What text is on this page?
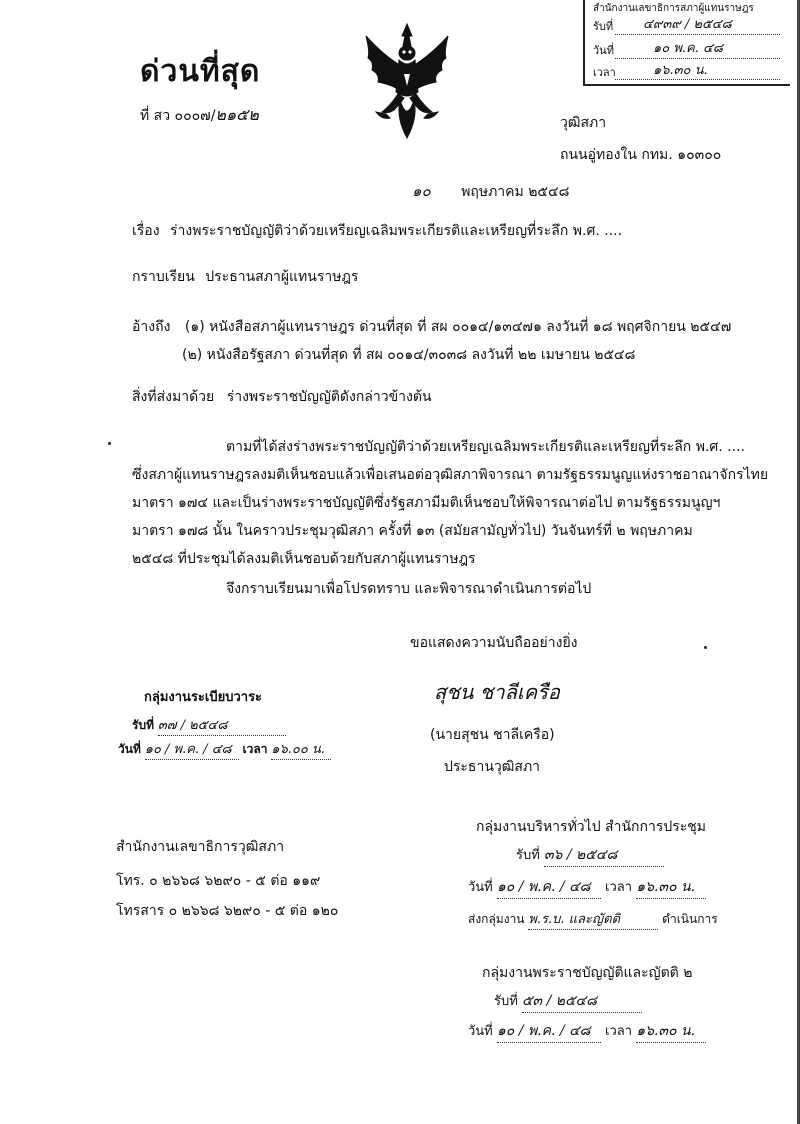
สำนักงานเลขาธิการสภาผู้แทนราษฎร
รับที่ ๔๙๓๙ / ๒๕๔๘
วันที่	๑๐ พ.ค. ๔๘
เวลา	๑๖.๓๐ น.
ด่วนที่สุด
ที่ สว ๐๐๐๗/๒๑๕๒	วุฒิสภา
ถนนอู่ทองใน กทม. ๑๐๓๐๐
๑๐ พฤษภาคม ๒๕๔๘
เรื่อง ร่างพระราชบัญญัติว่าด้วยเหรียญเฉลิมพระเกียรติและเหรียญที่ระลึก พ.ศ. ....
กราบเรียน ประธานสภาผู้แทนราษฎร
อ้างถึง (๑) หนังสือสภาผู้แทนราษฎร ด่วนที่สุด ที่ สผ ๐๐๑๔/๑๓๔๗๑ ลงวันที่ ๑๘ พฤศจิกายน ๒๕๔๗
(๒) หนังสือรัฐสภา ด่วนที่สุด ที่ สผ ๐๐๑๔/๓๐๓๘ ลงวันที่ ๒๒ เมษายน ๒๕๔๘
สิ่งที่ส่งมาด้วย ร่างพระราชบัญญัติดังกล่าวข้างต้น
ตามที่ได้ส่งร่างพระราชบัญญัติว่าด้วยเหรียญเฉลิมพระเกียรติและเหรียญที่ระลึก พ.ศ. ....
ซึ่งสภาผู้แทนราษฎรลงมติเห็นชอบแล้วเพื่อเสนอต่อวุฒิสภาพิจารณา ตามรัฐธรรมนูญแห่งราชอาณาจักรไทย
มาตรา ๑๗๔ และเป็นร่างพระราชบัญญัติซึ่งรัฐสภามีมติเห็นชอบให้พิจารณาต่อไป ตามรัฐธรรมนูญฯ
มาตรา ๑๗๘ นั้น ในคราวประชุมวุฒิสภา ครั้งที่ ๑๓ (สมัยสามัญทั่วไป) วันจันทร์ที่ ๒ พฤษภาคม
๒๕๔๘ ที่ประชุมได้ลงมติเห็นชอบด้วยกับสภาผู้แทนราษฎร
จึงกราบเรียนมาเพื่อโปรดทราบ และพิจารณาดำเนินการต่อไป
ขอแสดงความนับถืออย่างยิ่ง
สุชน ชาลีเครือ
(นายสุชน ชาลีเครือ)
ประธานวุฒิสภา
กลุ่มงานระเบียบวาระ
รับที่ ๓๗ / ๒๕๔๘
วันที่ ๑๐ / พ.ค. / ๔๘ เวลา ๑๖.๐๐ น.
สำนักงานเลขาธิการวุฒิสภา
โทร. ๐ ๒๖๖๘ ๖๒๙๐ - ๕ ต่อ ๑๑๙
โทรสาร ๐ ๒๖๖๘ ๖๒๙๐ - ๕ ต่อ ๑๒๐
กลุ่มงานบริหารทั่วไป สำนักการประชุม
รับที่ ๓๖ / ๒๕๔๘
วันที่ ๑๐ / พ.ค. / ๔๘ เวลา ๑๖.๓๐ น.
ส่งกลุ่มงาน พ.ร.บ. และญัตติ	ดำเนินการ
กลุ่มงานพระราชบัญญัติและญัตติ ๒
รับที่ ๕๓ / ๒๕๔๘
วันที่ ๑๐ / พ.ค. / ๔๘ เวลา ๑๖.๓๐ น.
